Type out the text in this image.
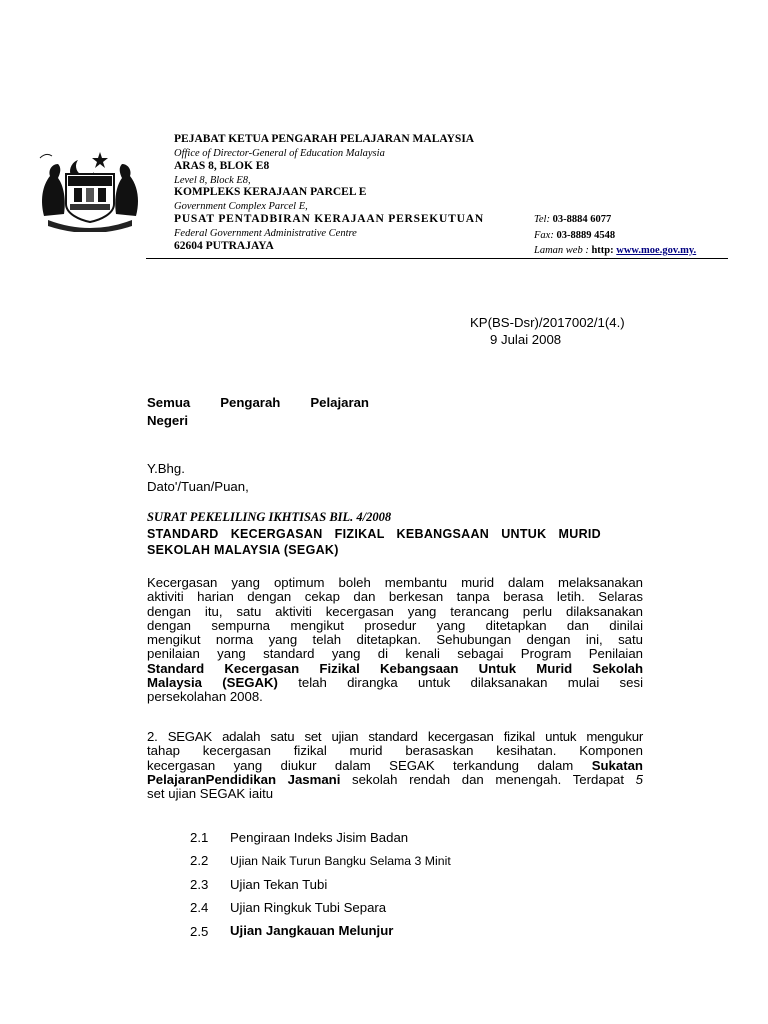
PEJABAT KETUA PENGARAH PELAJARAN MALAYSIA
Office of Director-General of Education Malaysia
ARAS 8, BLOK E8
Level 8, Block E8,
KOMPLEKS KERAJAAN PARCEL E
Government Complex Parcel E,
PUSAT PENTADBIRAN KERAJAAN PERSEKUTUAN
Federal Government Administrative Centre
62604 PUTRAJAYA
Tel: 03-8884 6077
Fax: 03-8889 4548
Laman web : http: www.moe.gov.my.
KP(BS-Dsr)/2017002/1(4.)
9 Julai 2008
Semua Pengarah Pelajaran
Negeri
Y.Bhg.
Dato'/Tuan/Puan,
SURAT PEKELILING IKHTISAS BIL. 4/2008
STANDARD KECERGASAN FIZIKAL KEBANGSAAN UNTUK MURID
SEKOLAH MALAYSIA (SEGAK)
Kecergasan yang optimum boleh membantu murid dalam melaksanakan
aktiviti harian dengan cekap dan berkesan tanpa berasa letih. Selaras
dengan itu, satu aktiviti kecergasan yang terancang perlu dilaksanakan
dengan sempurna mengikut prosedur yang ditetapkan dan dinilai
mengikut norma yang telah ditetapkan. Sehubungan dengan ini, satu
penilaian yang standard yang di kenali sebagai Program Penilaian
Standard Kecergasan Fizikal Kebangsaan Untuk Murid Sekolah
Malaysia (SEGAK) telah dirangka untuk dilaksanakan mulai sesi
persekolahan 2008.
2. SEGAK adalah satu set ujian standard kecergasan fizikal untuk mengukur
tahap kecergasan fizikal murid berasaskan kesihatan. Komponen
kecergasan yang diukur dalam SEGAK terkandung dalam Sukatan
PelajaranPendidikan Jasmani sekolah rendah dan menengah. Terdapat 5
set ujian SEGAK iaitu
2.1 Pengiraan Indeks Jisim Badan
2.2 Ujian Naik Turun Bangku Selama 3 Minit
2.3 Ujian Tekan Tubi
2.4 Ujian Ringkuk Tubi Separa
2.5 Ujian Jangkauan Melunjur
